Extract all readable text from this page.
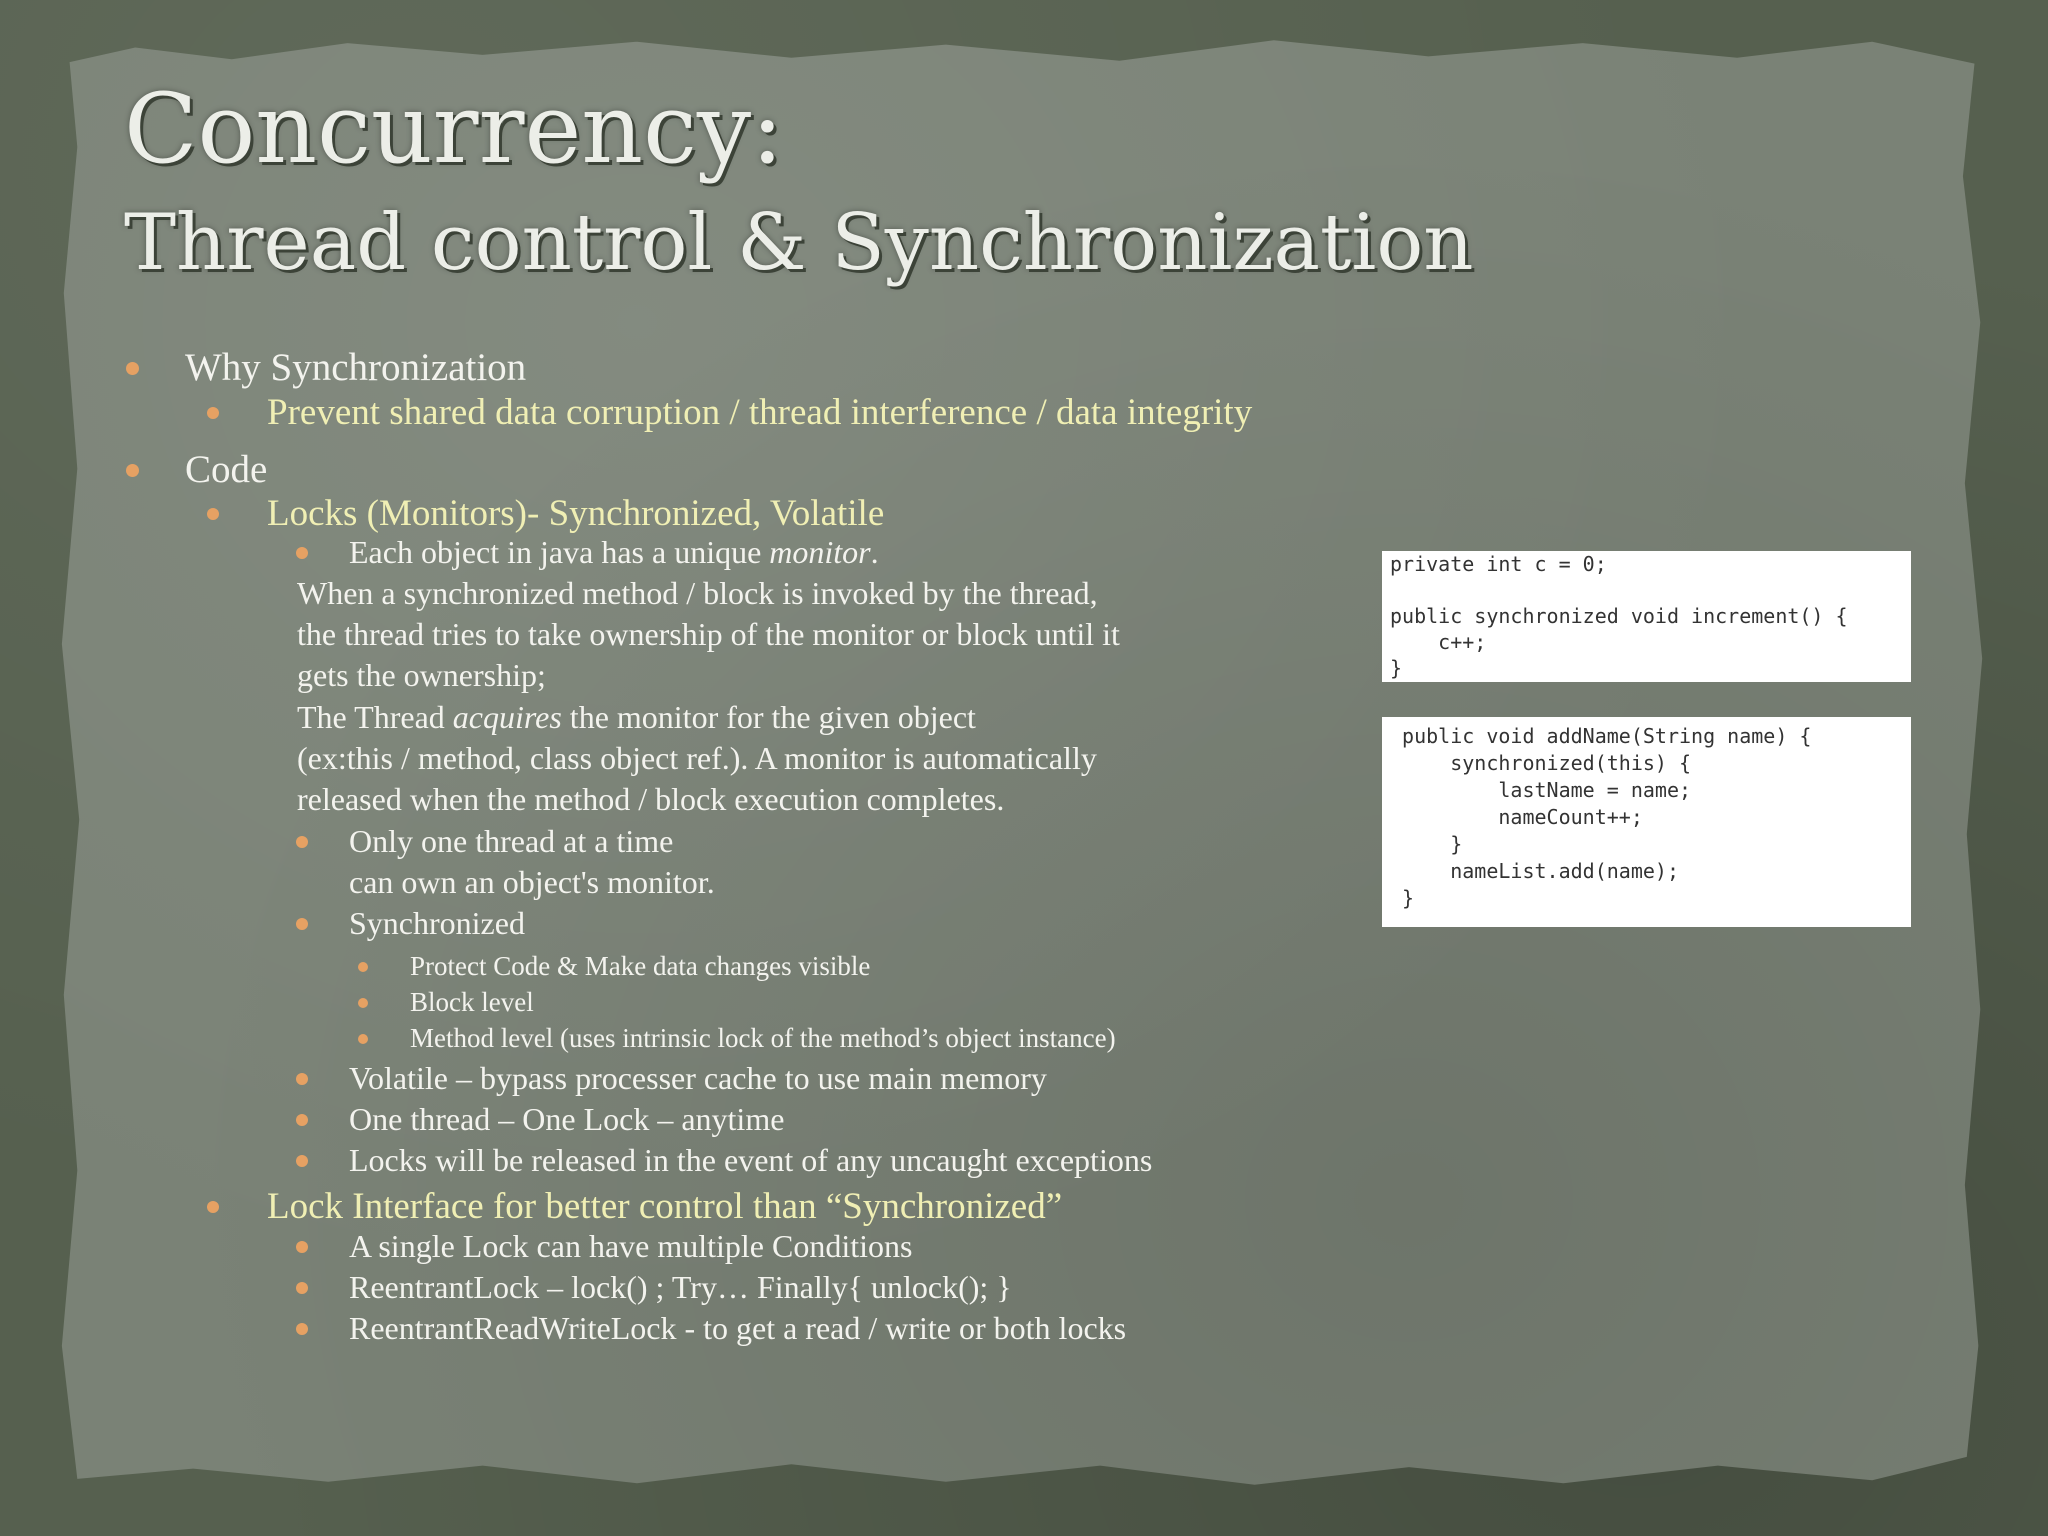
Concurrency:
Thread control & Synchronization
Why Synchronization
Prevent shared data corruption / thread interference / data integrity
Code
Locks (Monitors)- Synchronized, Volatile
Each object in java has a unique monitor.
When a synchronized method / block is invoked by the thread,
the thread tries to take ownership of the monitor or block until it
gets the ownership;
The Thread acquires the monitor for the given object
(ex:this / method, class object ref.). A monitor is automatically
released when the method / block execution completes.
Only one thread at a time
can own an object's monitor.
Synchronized
Protect Code & Make data changes visible
Block level
Method level (uses intrinsic lock of the method’s object instance)
Volatile – bypass processer cache to use main memory
One thread – One Lock – anytime
Locks will be released in the event of any uncaught exceptions
Lock Interface for better control than “Synchronized”
A single Lock can have multiple Conditions
ReentrantLock – lock() ; Try… Finally{ unlock(); }
ReentrantReadWriteLock - to get a read / write or both locks
private int c = 0;

public synchronized void increment() {
c++;
}
public void addName(String name) {
synchronized(this) {
lastName = name;
nameCount++;
}
nameList.add(name);
}
